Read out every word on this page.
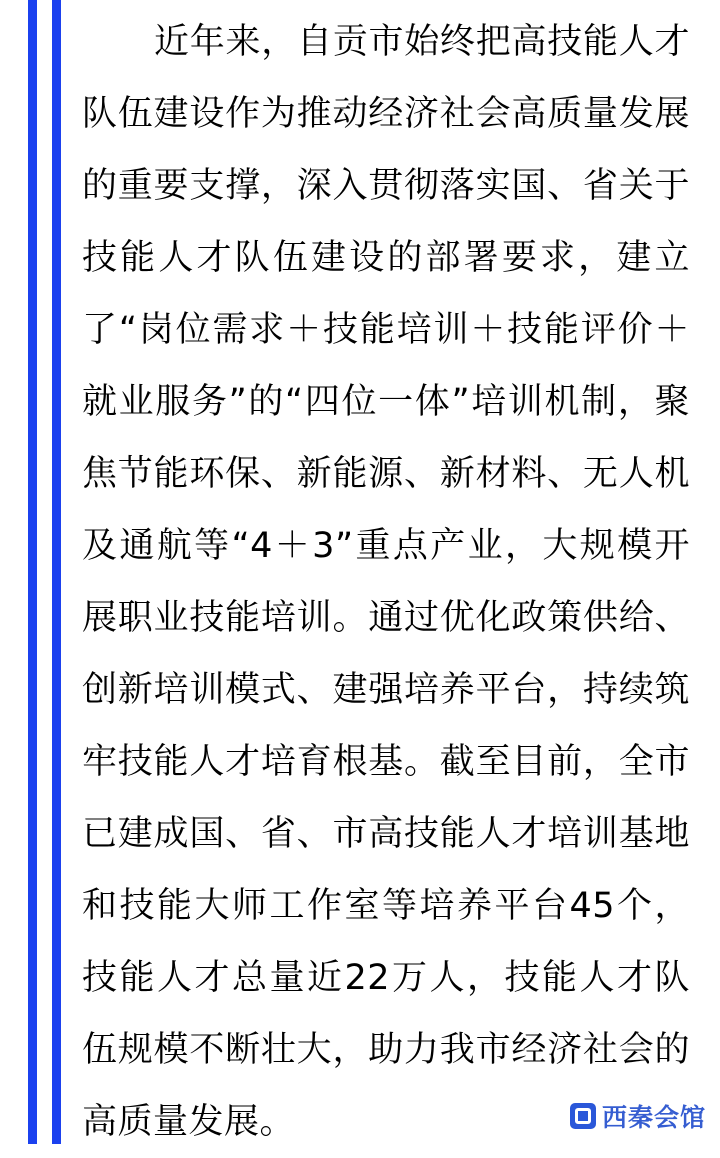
近年来，自贡市始终把高技能人才队伍建设作为推动经济社会高质量发展的重要支撑，深入贯彻落实国、省关于技能人才队伍建设的部署要求，建立了“岗位需求＋技能培训＋技能评价＋就业服务”的“四位一体”培训机制，聚焦节能环保、新能源、新材料、无人机及通航等“4＋3”重点产业，大规模开展职业技能培训。通过优化政策供给、创新培训模式、建强培养平台，持续筑牢技能人才培育根基。截至目前，全市已建成国、省、市高技能人才培训基地和技能大师工作室等培养平台45个，技能人才总量近22万人，技能人才队伍规模不断壮大，助力我市经济社会的高质量发展。	西秦会馆
